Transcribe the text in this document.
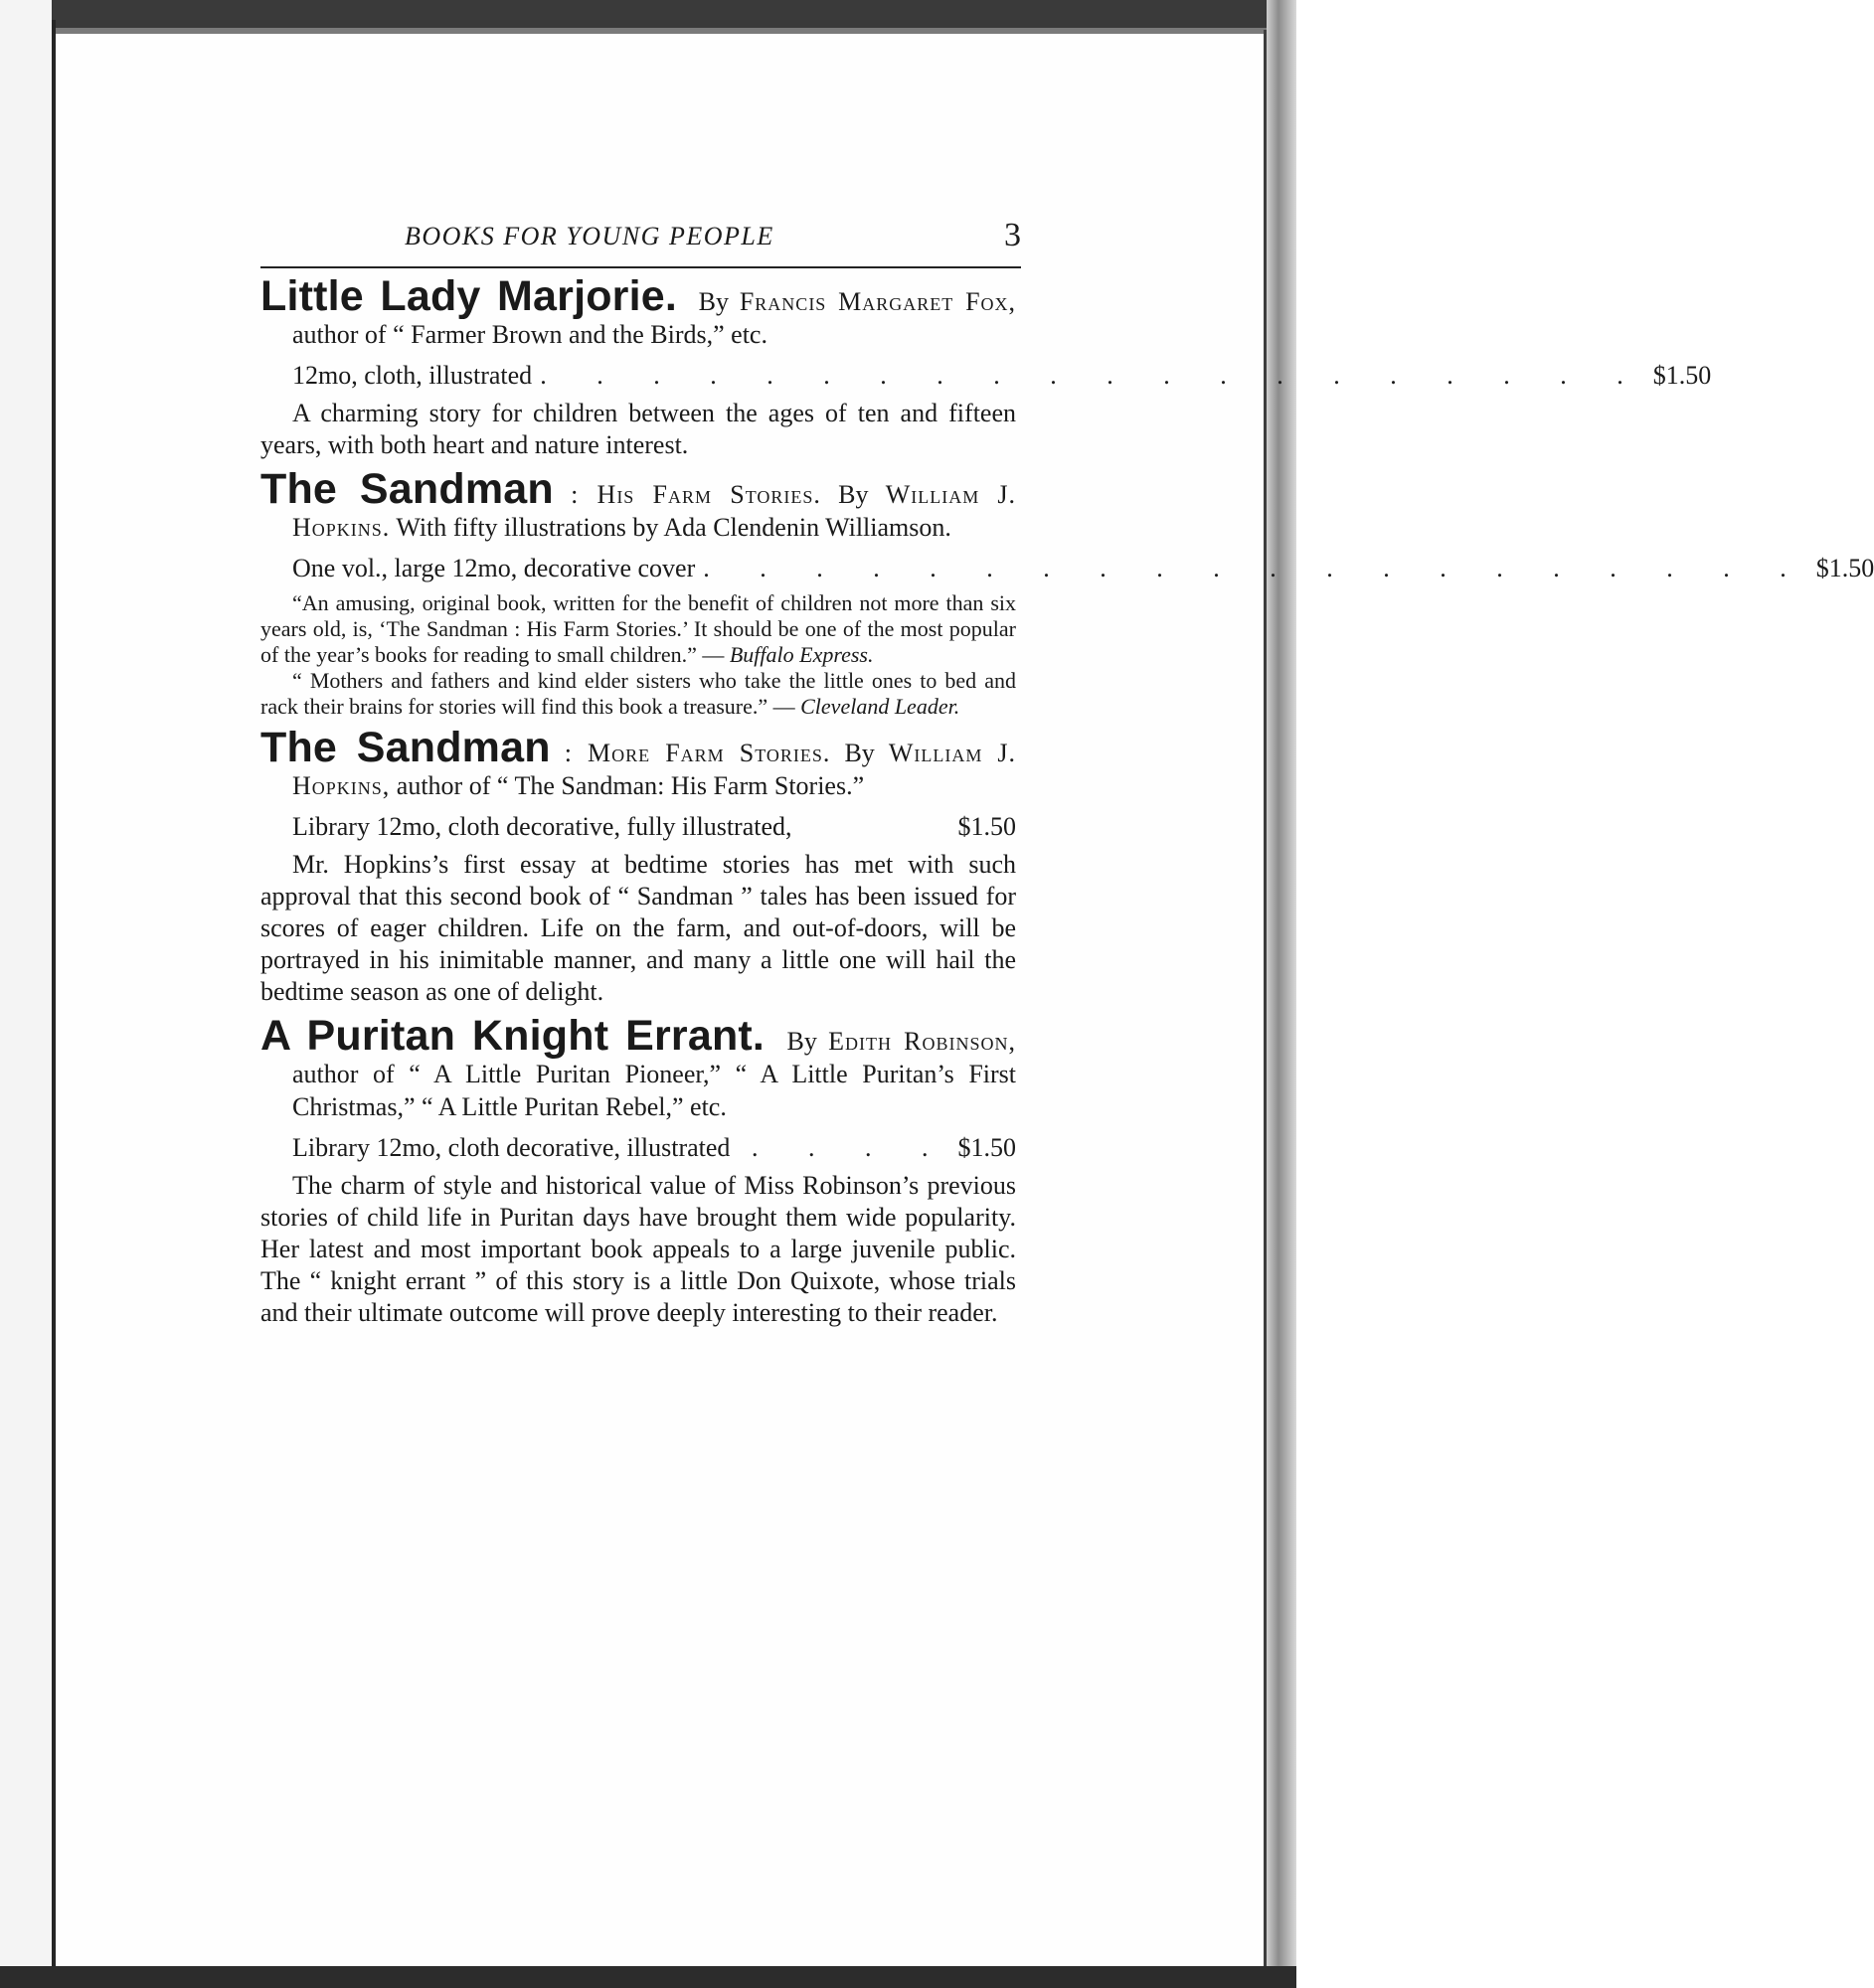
BOOKS FOR YOUNG PEOPLE	3

Little Lady Marjorie. By Francis Margaret Fox, author of “ Farmer Brown and the Birds,” etc.

12mo, cloth, illustrated . . . . . . . . . . . . . . . . . . . . $1.50

A charming story for children between the ages of ten and fifteen years, with both heart and nature interest.

The Sandman : His Farm Stories. By William J. Hopkins. With fifty illustrations by Ada Clendenin Williamson.

One vol., large 12mo, decorative cover . . . . . . . . . . . . . . . . . . . . $1.50

“An amusing, original book, written for the benefit of children not more than six years old, is, ‘The Sandman : His Farm Stories.’ It should be one of the most popular of the year’s books for reading to small children.” — Buffalo Express.

“ Mothers and fathers and kind elder sisters who take the little ones to bed and rack their brains for stories will find this book a treasure.” — Cleveland Leader.

The Sandman : More Farm Stories. By William J. Hopkins, author of “ The Sandman: His Farm Stories.”

Library 12mo, cloth decorative, fully illustrated,	$1.50

Mr. Hopkins’s first essay at bedtime stories has met with such approval that this second book of “ Sandman ” tales has been issued for scores of eager children. Life on the farm, and out-of-doors, will be portrayed in his inimitable manner, and many a little one will hail the bedtime season as one of delight.

A Puritan Knight Errant. By Edith Robinson, author of “ A Little Puritan Pioneer,” “ A Little Puritan’s First Christmas,” “ A Little Puritan Rebel,” etc.

Library 12mo, cloth decorative, illustrated . . . . $1.50

The charm of style and historical value of Miss Robinson’s previous stories of child life in Puritan days have brought them wide popularity. Her latest and most important book appeals to a large juvenile public. The “ knight errant ” of this story is a little Don Quixote, whose trials and their ultimate outcome will prove deeply interesting to their reader.
